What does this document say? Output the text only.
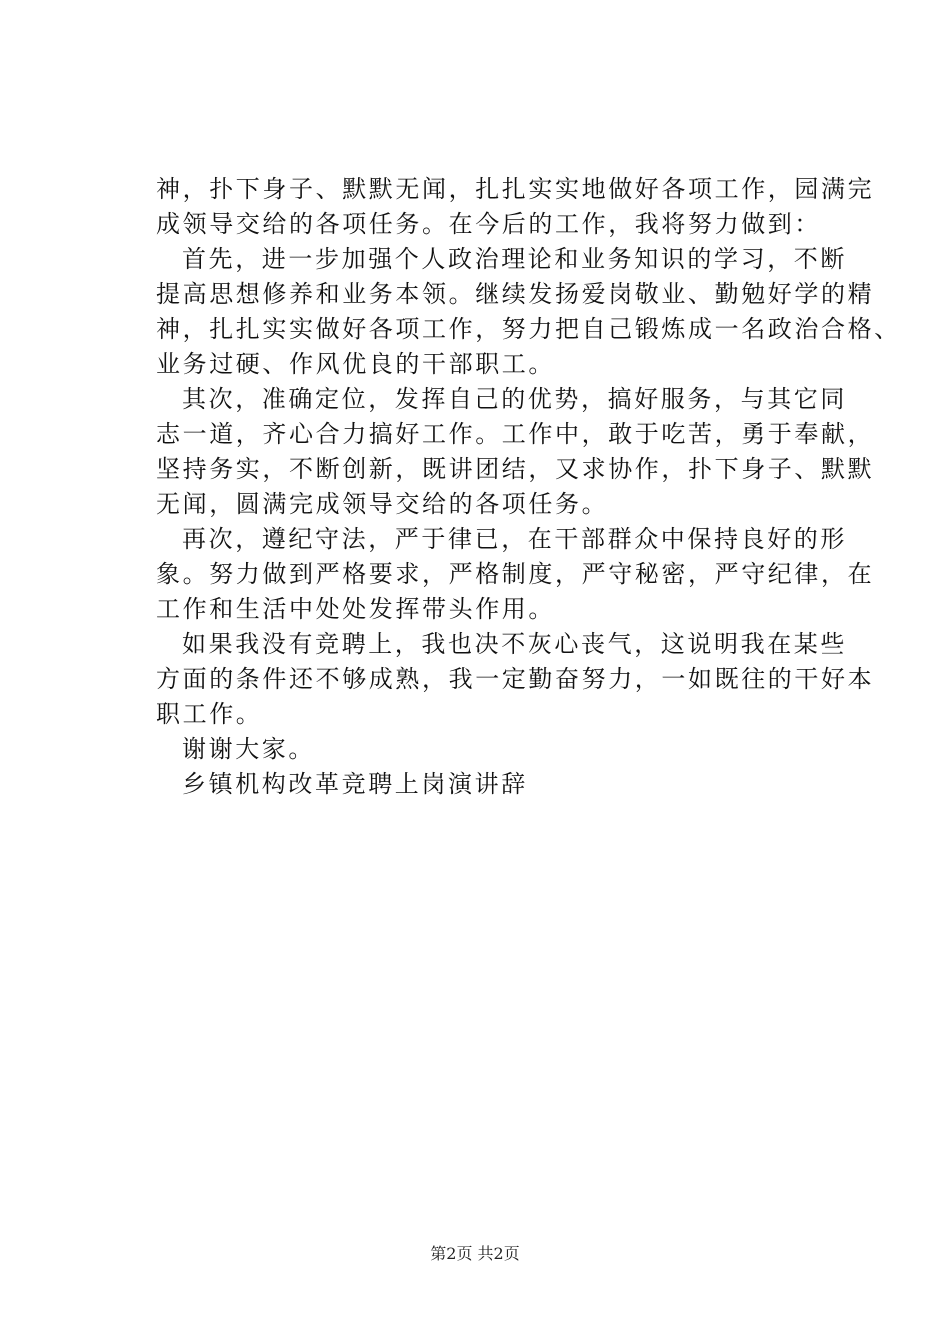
神，扑下身子、默默无闻，扎扎实实地做好各项工作，园满完
成领导交给的各项任务。在今后的工作，我将努力做到：
首先，进一步加强个人政治理论和业务知识的学习，不断
提高思想修养和业务本领。继续发扬爱岗敬业、勤勉好学的精
神，扎扎实实做好各项工作，努力把自己锻炼成一名政治合格、
业务过硬、作风优良的干部职工。
其次，准确定位，发挥自己的优势，搞好服务，与其它同
志一道，齐心合力搞好工作。工作中，敢于吃苦，勇于奉献，
坚持务实，不断创新，既讲团结，又求协作，扑下身子、默默
无闻，圆满完成领导交给的各项任务。
再次，遵纪守法，严于律已，在干部群众中保持良好的形
象。努力做到严格要求，严格制度，严守秘密，严守纪律，在
工作和生活中处处发挥带头作用。
如果我没有竞聘上，我也决不灰心丧气，这说明我在某些
方面的条件还不够成熟，我一定勤奋努力，一如既往的干好本
职工作。
谢谢大家。
乡镇机构改革竞聘上岗演讲辞
第2页 共2页
